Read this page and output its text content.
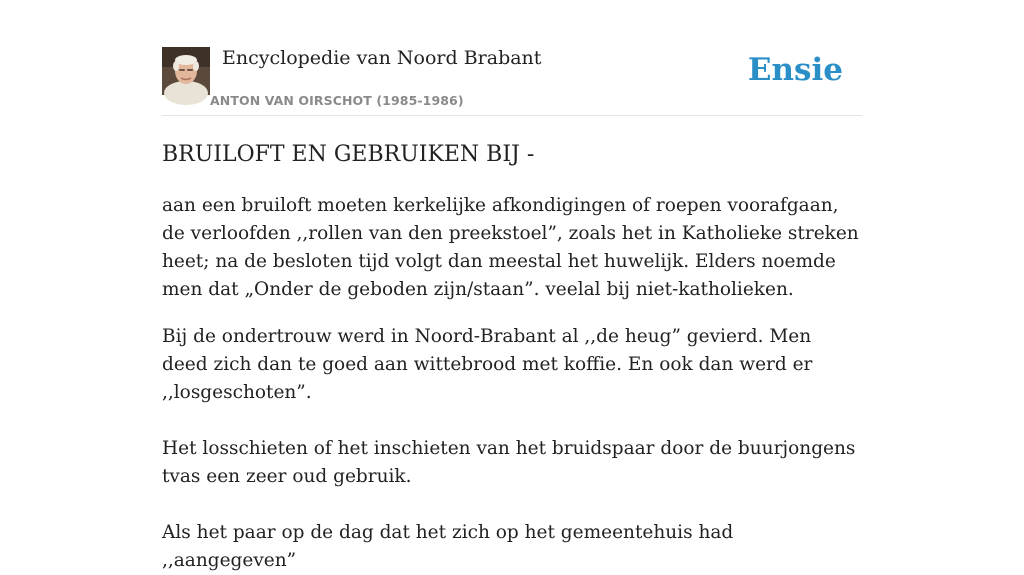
Encyclopedie van Noord Brabant
ANTON VAN OIRSCHOT (1985-1986)
Ensie
BRUILOFT EN GEBRUIKEN BIJ -

aan een bruiloft moeten kerkelijke afkondigingen of roepen voorafgaan, de verloofden ,,rollen van den preekstoel”, zoals het in Katholieke streken heet; na de besloten tijd volgt dan meestal het huwelijk. Elders noemde men dat „Onder de geboden zijn/staan”. veelal bij niet-katholieken.

Bij de ondertrouw werd in Noord-Brabant al ,,de heug” gevierd. Men deed zich dan te goed aan wittebrood met koffie. En ook dan werd er ,,losgeschoten”.

Het losschieten of het inschieten van het bruidspaar door de buurjongens tvas een zeer oud gebruik.

Als het paar op de dag dat het zich op het gemeentehuis had ,,aangegeven”
